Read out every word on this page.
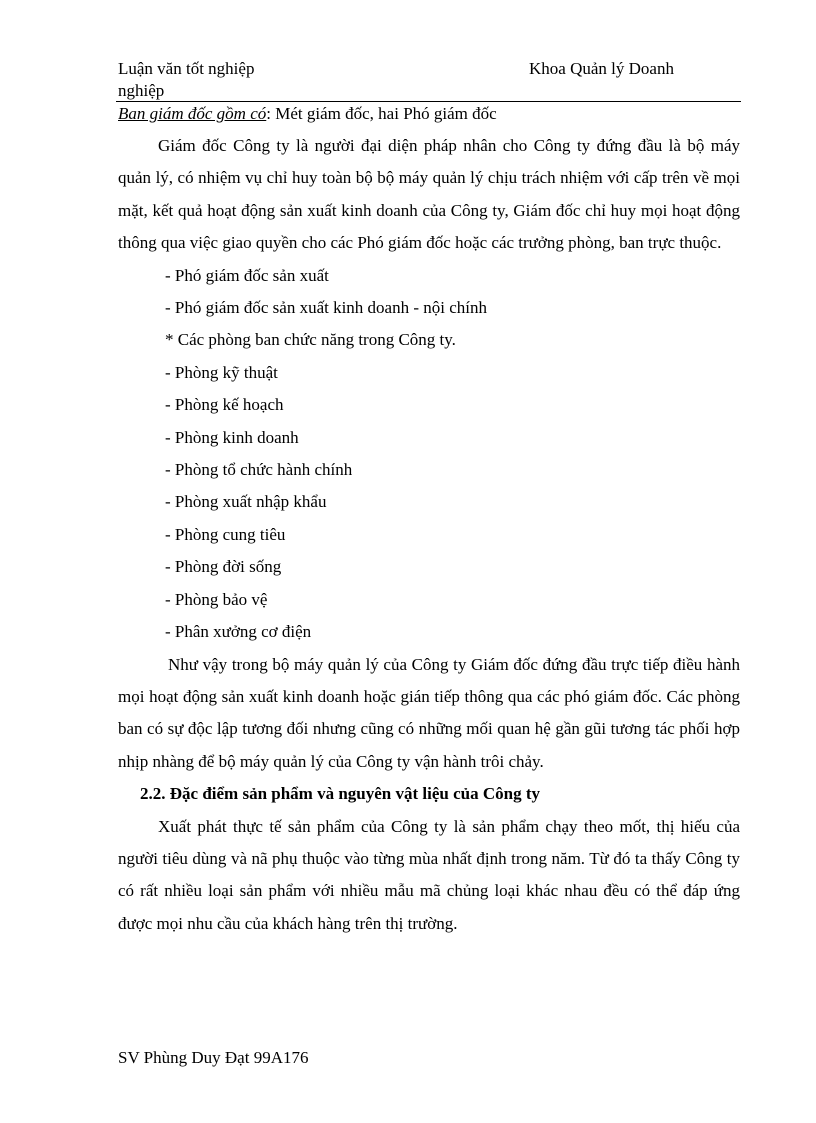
Luận văn tốt nghiệp	Khoa Quản lý Doanh
nghiệp
Ban giám đốc gồm có: Mét giám đốc, hai Phó giám đốc

Giám đốc Công ty là người đại diện pháp nhân cho Công ty đứng đầu là bộ máy quản lý, có nhiệm vụ chỉ huy toàn bộ bộ máy quản lý chịu trách nhiệm với cấp trên về mọi mặt, kết quả hoạt động sản xuất kinh doanh của Công ty, Giám đốc chỉ huy mọi hoạt động thông qua việc giao quyền cho các Phó giám đốc hoặc các trưởng phòng, ban trực thuộc.

- Phó giám đốc sản xuất
- Phó giám đốc sản xuất kinh doanh - nội chính
* Các phòng ban chức năng trong Công ty.
- Phòng kỹ thuật
- Phòng kế hoạch
- Phòng kinh doanh
- Phòng tổ chức hành chính
- Phòng xuất nhập khẩu
- Phòng cung tiêu
- Phòng đời sống
- Phòng bảo vệ
- Phân xưởng cơ điện

Như vậy trong bộ máy quản lý của Công ty Giám đốc đứng đầu trực tiếp điều hành mọi hoạt động sản xuất kinh doanh hoặc gián tiếp thông qua các phó giám đốc. Các phòng ban có sự độc lập tương đối nhưng cũng có những mối quan hệ gần gũi tương tác phối hợp nhịp nhàng để bộ máy quản lý của Công ty vận hành trôi chảy.

2.2. Đặc điểm sản phẩm và nguyên vật liệu của Công ty

Xuất phát thực tế sản phẩm của Công ty là sản phẩm chạy theo mốt, thị hiếu của người tiêu dùng và nã phụ thuộc vào từng mùa nhất định trong năm. Từ đó ta thấy Công ty có rất nhiều loại sản phẩm với nhiều mẫu mã chủng loại khác nhau đều có thể đáp ứng được mọi nhu cầu của khách hàng trên thị trường.

SV Phùng Duy Đạt 99A176
